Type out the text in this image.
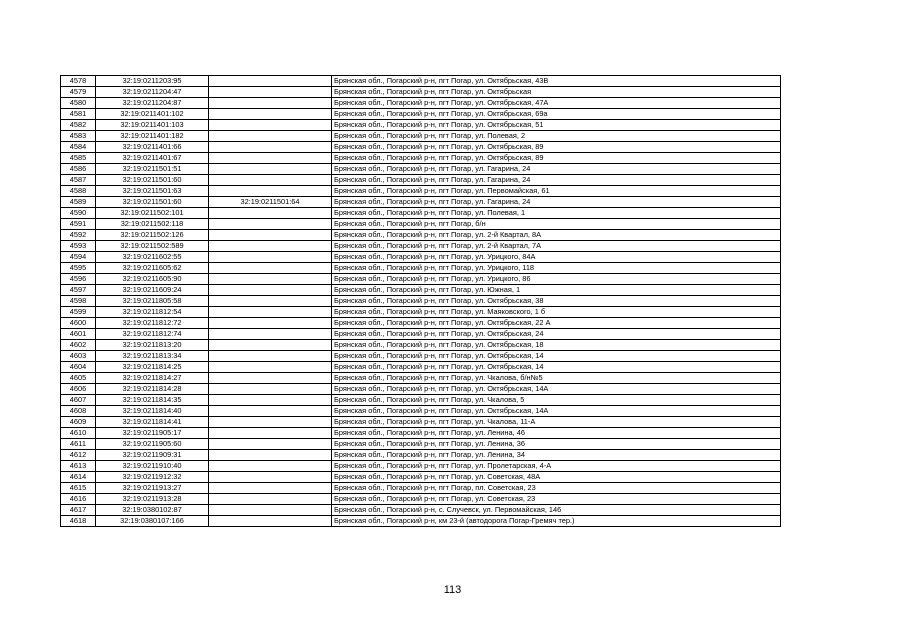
4578	32:19:0211203:95		Брянская обл., Погарский р-н, пгт Погар, ул. Октябрьская, 43В
4579	32:19:0211204:47		Брянская обл., Погарский р-н, пгт Погар, ул. Октябрьская
4580	32:19:0211204:87		Брянская обл., Погарский р-н, пгт Погар, ул. Октябрьская, 47А
4581	32:19:0211401:102		Брянская обл., Погарский р-н, пгт Погар, ул. Октябрьская, 69а
4582	32:19:0211401:103		Брянская обл., Погарский р-н, пгт Погар, ул. Октябрьская, 51
4583	32:19:0211401:182		Брянская обл., Погарский р-н, пгт Погар, ул. Полевая, 2
4584	32:19:0211401:66		Брянская обл., Погарский р-н, пгт Погар, ул. Октябрьская, 89
4585	32:19:0211401:67		Брянская обл., Погарский р-н, пгт Погар, ул. Октябрьская, 89
4586	32:19:0211501:51		Брянская обл., Погарский р-н, пгт Погар, ул. Гагарина, 24
4587	32:19:0211501:60		Брянская обл., Погарский р-н, пгт Погар, ул. Гагарина, 24
4588	32:19:0211501:63		Брянская обл., Погарский р-н, пгт Погар, ул. Первомайская, 61
4589	32:19:0211501:60	32:19:0211501:64	Брянская обл., Погарский р-н, пгт Погар, ул. Гагарина, 24
4590	32:19:0211502:101		Брянская обл., Погарский р-н, пгт Погар, ул. Полевая, 1
4591	32:19:0211502:118		Брянская обл., Погарский р-н, пгт Погар, б/н
4592	32:19:0211502:126		Брянская обл., Погарский р-н, пгт Погар, ул. 2-й Квартал, 8А
4593	32:19:0211502:589		Брянская обл., Погарский р-н, пгт Погар, ул. 2-й Квартал, 7А
4594	32:19:0211602:55		Брянская обл., Погарский р-н, пгт Погар, ул. Урицкого, 84А
4595	32:19:0211605:62		Брянская обл., Погарский р-н, пгт Погар, ул. Урицкого, 118
4596	32:19:0211605:90		Брянская обл., Погарский р-н, пгт Погар, ул. Урицкого, 86
4597	32:19:0211609:24		Брянская обл., Погарский р-н, пгт Погар, ул. Южная, 1
4598	32:19:0211805:58		Брянская обл., Погарский р-н, пгт Погар, ул. Октябрьская, 38
4599	32:19:0211812:54		Брянская обл., Погарский р-н, пгт Погар, ул. Маяковского, 1 б
4600	32:19:0211812:72		Брянская обл., Погарский р-н, пгт Погар, ул. Октябрьская, 22 А
4601	32:19:0211812:74		Брянская обл., Погарский р-н, пгт Погар, ул. Октябрьская, 24
4602	32:19:0211813:20		Брянская обл., Погарский р-н, пгт Погар, ул. Октябрьская, 18
4603	32:19:0211813:34		Брянская обл., Погарский р-н, пгт Погар, ул. Октябрьская, 14
4604	32:19:0211814:25		Брянская обл., Погарский р-н, пгт Погар, ул. Октябрьская, 14
4605	32:19:0211814:27		Брянская обл., Погарский р-н, пгт Погар, ул. Чкалова, б/н№5
4606	32:19:0211814:28		Брянская обл., Погарский р-н, пгт Погар, ул. Октябрьская, 14А
4607	32:19:0211814:35		Брянская обл., Погарский р-н, пгт Погар, ул. Чкалова, 5
4608	32:19:0211814:40		Брянская обл., Погарский р-н, пгт Погар, ул. Октябрьская, 14А
4609	32:19:0211814:41		Брянская обл., Погарский р-н, пгт Погар, ул. Чкалова, 11-А
4610	32:19:0211905:17		Брянская обл., Погарский р-н, пгт Погар, ул. Ленина, 46
4611	32:19:0211905:60		Брянская обл., Погарский р-н, пгт Погар, ул. Ленина, 36
4612	32:19:0211909:31		Брянская обл., Погарский р-н, пгт Погар, ул. Ленина, 34
4613	32:19:0211910:40		Брянская обл., Погарский р-н, пгт Погар, ул. Пролетарская, 4-А
4614	32:19:0211912:32		Брянская обл., Погарский р-н, пгт Погар, ул. Советская, 48А
4615	32:19:0211913:27		Брянская обл., Погарский р-н, пгт Погар, пл. Советская, 23
4616	32:19:0211913:28		Брянская обл., Погарский р-н, пгт Погар, ул. Советская, 23
4617	32:19:0380102:87		Брянская обл., Погарский р-н, с. Случевск, ул. Первомайская, 146
4618	32:19:0380107:166		Брянская обл., Погарский р-н, км 23-й (автодорога Погар-Гремяч тер.)
113
